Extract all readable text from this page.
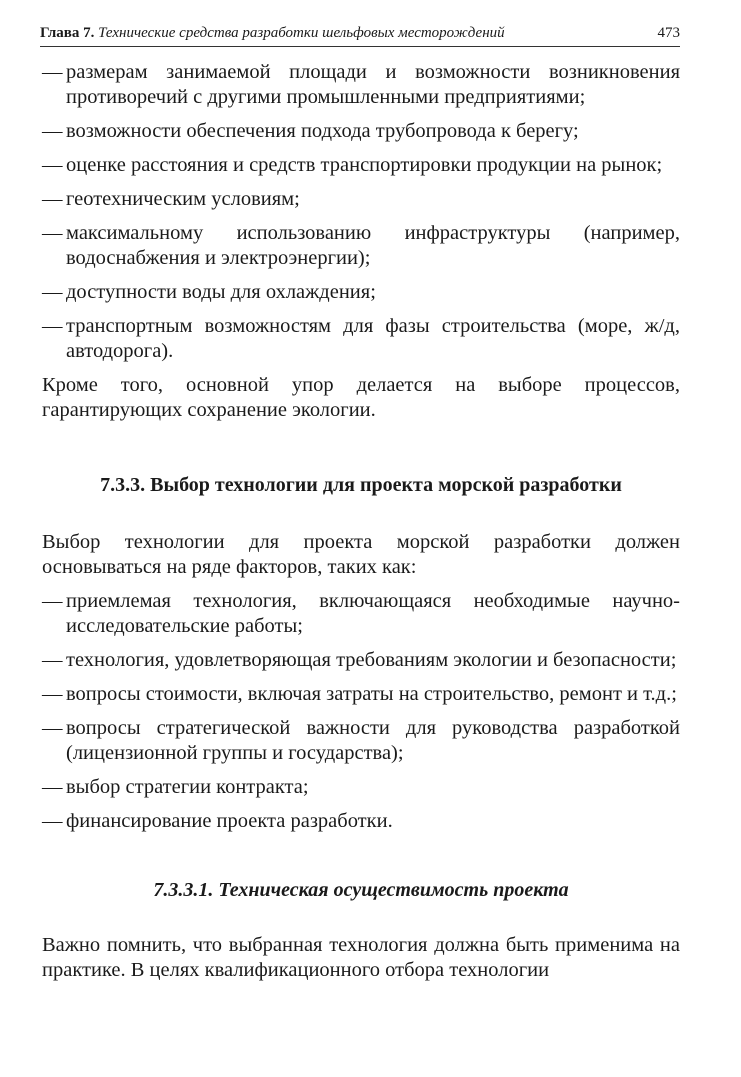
Глава 7. Технические средства разработки шельфовых месторождений	473
— размерам занимаемой площади и возможности возникновения противоречий с другими промышленными предприятиями;
— возможности обеспечения подхода трубопровода к берегу;
— оценке расстояния и средств транспортировки продукции на рынок;
— геотехническим условиям;
— максимальному использованию инфраструктуры (например, водоснабжения и электроэнергии);
— доступности воды для охлаждения;
— транспортным возможностям для фазы строительства (море, ж/д, автодорога).

Кроме того, основной упор делается на выборе процессов, гарантирующих сохранение экологии.

7.3.3. Выбор технологии для проекта морской разработки

Выбор технологии для проекта морской разработки должен основываться на ряде факторов, таких как:

— приемлемая технология, включающаяся необходимые научно-исследовательские работы;
— технология, удовлетворяющая требованиям экологии и безопасности;
— вопросы стоимости, включая затраты на строительство, ремонт и т.д.;
— вопросы стратегической важности для руководства разработкой (лицензионной группы и государства);
— выбор стратегии контракта;
— финансирование проекта разработки.
7.3.3.1. Техническая осуществимость проекта

Важно помнить, что выбранная технология должна быть применима на практике. В целях квалификационного отбора технологии
